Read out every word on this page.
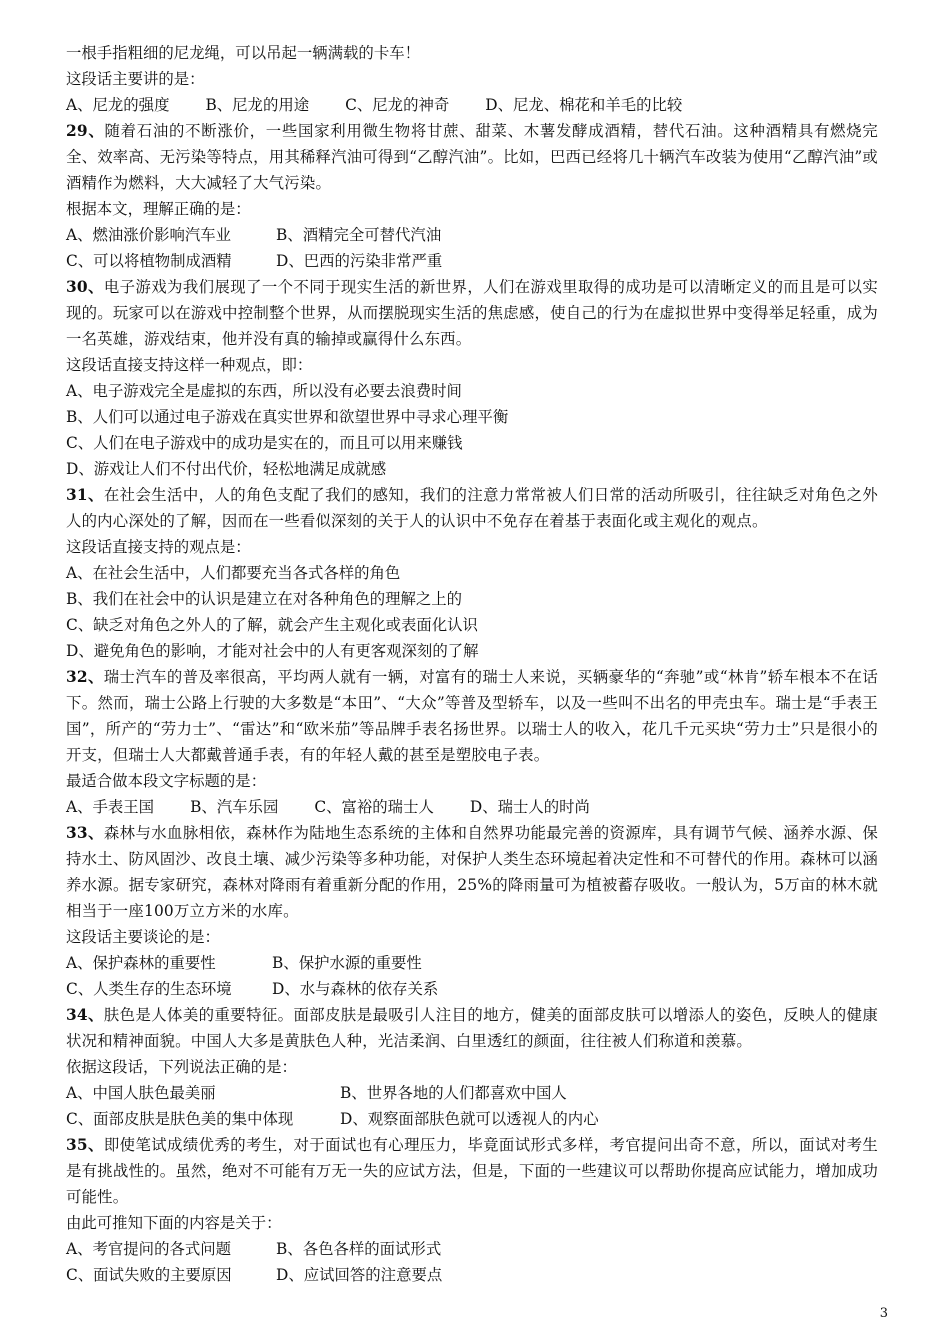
一根手指粗细的尼龙绳，可以吊起一辆满载的卡车！

这段话主要讲的是：

A、尼龙的强度 B、尼龙的用途 C、尼龙的神奇 D、尼龙、棉花和羊毛的比较

29、随着石油的不断涨价，一些国家利用微生物将甘蔗、甜菜、木薯发酵成酒精，替代石油。这种酒精具有燃烧完全、效率高、无污染等特点，用其稀释汽油可得到“乙醇汽油”。比如，巴西已经将几十辆汽车改装为使用“乙醇汽油”或酒精作为燃料，大大减轻了大气污染。

根据本文，理解正确的是：

A、燃油涨价影响汽车业	B、酒精完全可替代汽油
C、可以将植物制成酒精	D、巴西的污染非常严重

30、电子游戏为我们展现了一个不同于现实生活的新世界，人们在游戏里取得的成功是可以清晰定义的而且是可以实现的。玩家可以在游戏中控制整个世界，从而摆脱现实生活的焦虑感，使自己的行为在虚拟世界中变得举足轻重，成为一名英雄，游戏结束，他并没有真的输掉或赢得什么东西。

这段话直接支持这样一种观点，即：

A、电子游戏完全是虚拟的东西，所以没有必要去浪费时间

B、人们可以通过电子游戏在真实世界和欲望世界中寻求心理平衡

C、人们在电子游戏中的成功是实在的，而且可以用来赚钱

D、游戏让人们不付出代价，轻松地满足成就感

31、在社会生活中，人的角色支配了我们的感知，我们的注意力常常被人们日常的活动所吸引，往往缺乏对角色之外人的内心深处的了解，因而在一些看似深刻的关于人的认识中不免存在着基于表面化或主观化的观点。

这段话直接支持的观点是：

A、在社会生活中，人们都要充当各式各样的角色

B、我们在社会中的认识是建立在对各种角色的理解之上的

C、缺乏对角色之外人的了解，就会产生主观化或表面化认识

D、避免角色的影响，才能对社会中的人有更客观深刻的了解

32、瑞士汽车的普及率很高，平均两人就有一辆，对富有的瑞士人来说，买辆豪华的“奔驰”或“林肯”轿车根本不在话下。然而，瑞士公路上行驶的大多数是“本田”、“大众”等普及型轿车，以及一些叫不出名的甲壳虫车。瑞士是“手表王国”，所产的“劳力士”、“雷达”和“欧米茄”等品牌手表名扬世界。以瑞士人的收入，花几千元买块“劳力士”只是很小的开支，但瑞士人大都戴普通手表，有的年轻人戴的甚至是塑胶电子表。

最适合做本段文字标题的是：

A、手表王国 B、汽车乐园 C、富裕的瑞士人 D、瑞士人的时尚

33、森林与水血脉相依，森林作为陆地生态系统的主体和自然界功能最完善的资源库，具有调节气候、涵养水源、保持水土、防风固沙、改良土壤、减少污染等多种功能，对保护人类生态环境起着决定性和不可替代的作用。森林可以涵养水源。据专家研究，森林对降雨有着重新分配的作用，25%的降雨量可为植被蓄存吸收。一般认为，5万亩的林木就相当于一座100万立方米的水库。

这段话主要谈论的是：

A、保护森林的重要性	B、保护水源的重要性
C、人类生存的生态环境	D、水与森林的依存关系

34、肤色是人体美的重要特征。面部皮肤是最吸引人注目的地方，健美的面部皮肤可以增添人的姿色，反映人的健康状况和精神面貌。中国人大多是黄肤色人种，光洁柔润、白里透红的颜面，往往被人们称道和羡慕。

依据这段话，下列说法正确的是：

A、中国人肤色最美丽	B、世界各地的人们都喜欢中国人
C、面部皮肤是肤色美的集中体现	D、观察面部肤色就可以透视人的内心

35、即使笔试成绩优秀的考生，对于面试也有心理压力，毕竟面试形式多样，考官提问出奇不意，所以，面试对考生是有挑战性的。虽然，绝对不可能有万无一失的应试方法，但是，下面的一些建议可以帮助你提高应试能力，增加成功可能性。

由此可推知下面的内容是关于：

A、考官提问的各式问题	B、各色各样的面试形式
C、面试失败的主要原因	D、应试回答的注意要点
3
